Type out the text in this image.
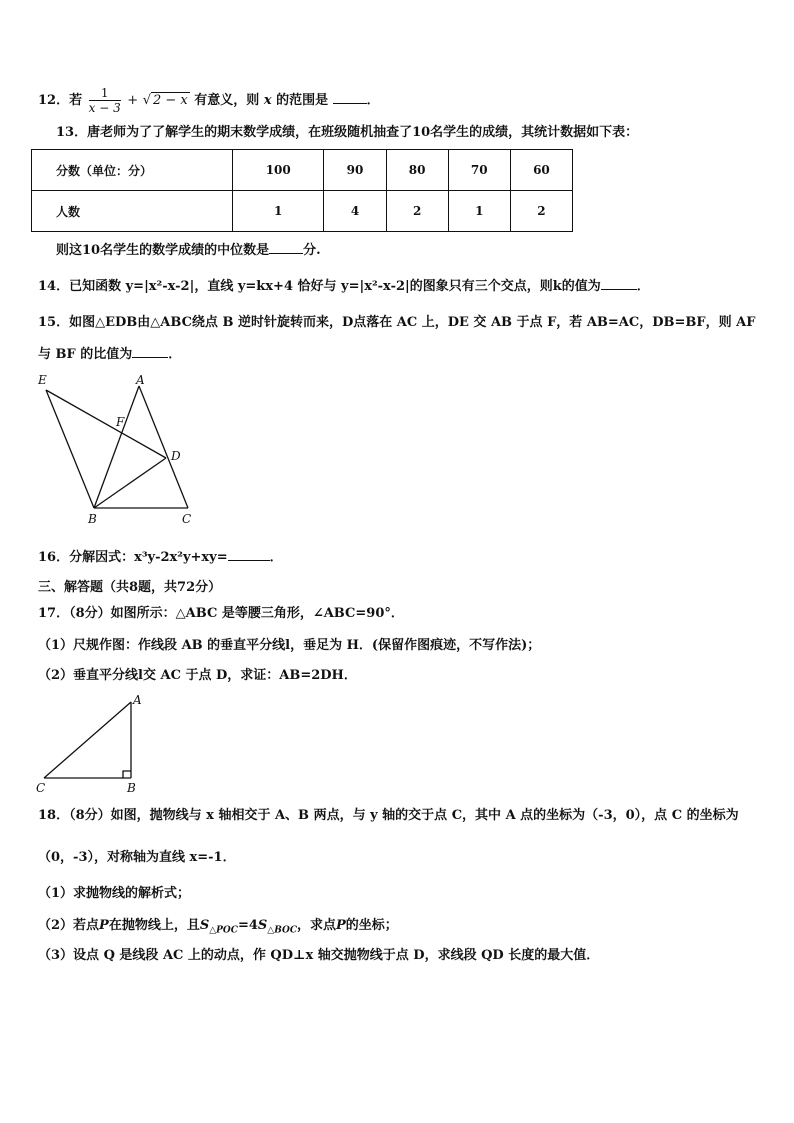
12．若 $\frac{1}{x - 3}$ + √ 2 − x 有意义，则 x 的范围是	．
13．唐老师为了了解学生的期末数学成绩，在班级随机抽查了10名学生的成绩，其统计数据如下表：
分数（单位：分）	100	90	80	70	60
人数	1	4	2	1	2
则这10名学生的数学成绩的中位数是	分.
14．已知函数 y=|x²-x-2|，直线 y=kx+4 恰好与 y=|x²-x-2|的图象只有三个交点，则k的值为	．
15．如图△EDB由△ABC绕点 B 逆时针旋转而来，D点落在 AC 上，DE 交 AB 于点 F，若 AB=AC，DB=BF，则 AF
与 BF 的比值为	．
E	A
F
D
B	C
16．分解因式：x³y-2x²y+xy=	．
三、解答题（共8题，共72分）
17．（8分）如图所示：△ABC 是等腰三角形，∠ABC=90°．
（1）尺规作图：作线段 AB 的垂直平分线l，垂足为 H．(保留作图痕迹，不写作法)；
（2）垂直平分线l交 AC 于点 D，求证：AB=2DH．
A
C	B
18．（8分）如图，抛物线与 x 轴相交于 A、B 两点，与 y 轴的交于点 C，其中 A 点的坐标为（-3，0），点 C 的坐标为
（0，-3），对称轴为直线 x=-1．
（1）求抛物线的解析式；
（2）若点P在抛物线上，且$S_{\triangle POC}=4S_{\triangle BOC}$，求点P的坐标；
（3）设点 Q 是线段 AC 上的动点，作 QD⊥x 轴交抛物线于点 D，求线段 QD 长度的最大值．
